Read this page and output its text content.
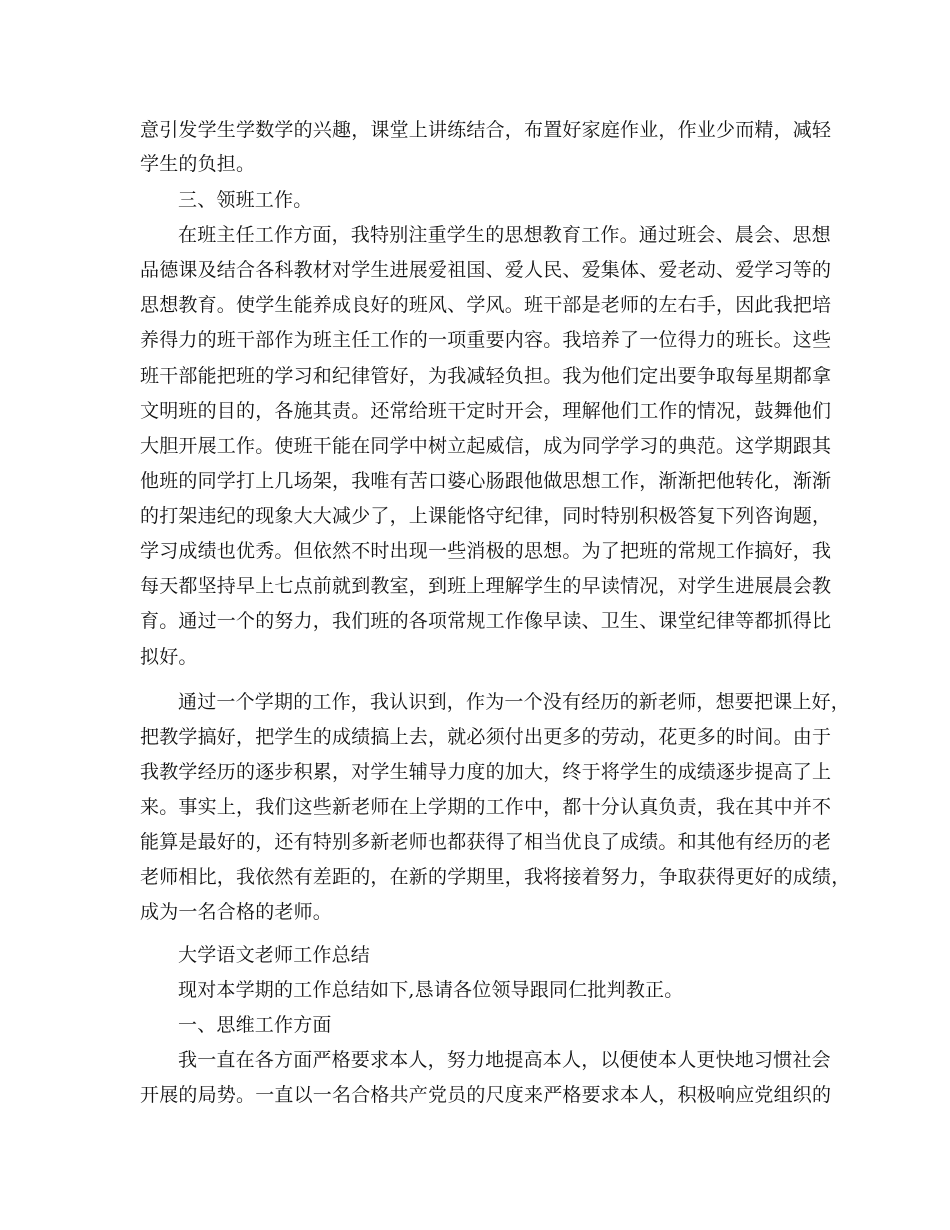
意引发学生学数学的兴趣，课堂上讲练结合，布置好家庭作业，作业少而精，减轻
学生的负担。
三、领班工作。
在班主任工作方面，我特别注重学生的思想教育工作。通过班会、晨会、思想
品德课及结合各科教材对学生进展爱祖国、爱人民、爱集体、爱老动、爱学习等的
思想教育。使学生能养成良好的班风、学风。班干部是老师的左右手，因此我把培
养得力的班干部作为班主任工作的一项重要内容。我培养了一位得力的班长。这些
班干部能把班的学习和纪律管好，为我减轻负担。我为他们定出要争取每星期都拿
文明班的目的，各施其责。还常给班干定时开会，理解他们工作的情况，鼓舞他们
大胆开展工作。使班干能在同学中树立起威信，成为同学学习的典范。这学期跟其
他班的同学打上几场架，我唯有苦口婆心肠跟他做思想工作，渐渐把他转化，渐渐
的打架违纪的现象大大减少了，上课能恪守纪律，同时特别积极答复下列咨询题，
学习成绩也优秀。但依然不时出现一些消极的思想。为了把班的常规工作搞好，我
每天都坚持早上七点前就到教室，到班上理解学生的早读情况，对学生进展晨会教
育。通过一个的努力，我们班的各项常规工作像早读、卫生、课堂纪律等都抓得比
拟好。
通过一个学期的工作，我认识到，作为一个没有经历的新老师，想要把课上好，
把教学搞好，把学生的成绩搞上去，就必须付出更多的劳动，花更多的时间。由于
我教学经历的逐步积累，对学生辅导力度的加大，终于将学生的成绩逐步提高了上
来。事实上，我们这些新老师在上学期的工作中，都十分认真负责，我在其中并不
能算是最好的，还有特别多新老师也都获得了相当优良了成绩。和其他有经历的老
老师相比，我依然有差距的，在新的学期里，我将接着努力，争取获得更好的成绩，
成为一名合格的老师。
大学语文老师工作总结
现对本学期的工作总结如下,恳请各位领导跟同仁批判教正。
一、思维工作方面
我一直在各方面严格要求本人，努力地提高本人，以便使本人更快地习惯社会
开展的局势。一直以一名合格共产党员的尺度来严格要求本人，积极响应党组织的
